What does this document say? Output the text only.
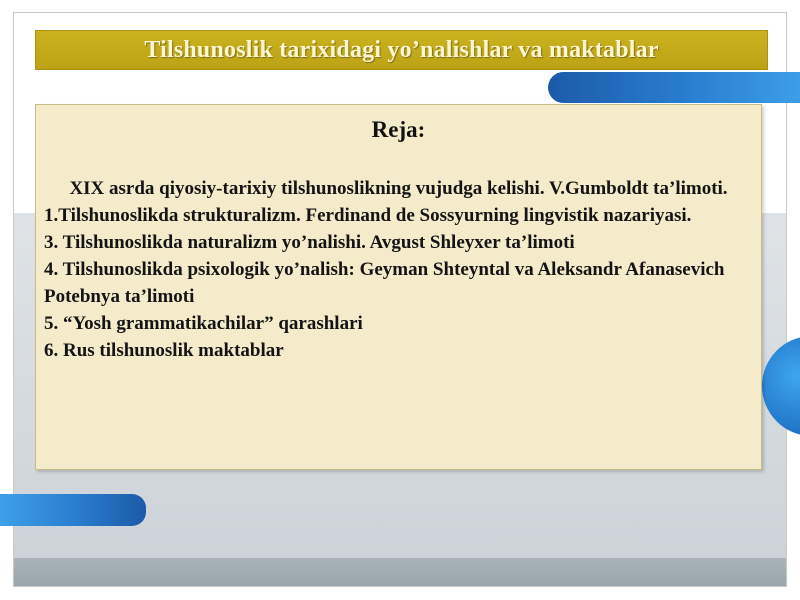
Tilshunoslik tarixidagi yo’nalishlar va maktablar
Reja:
XIX asrda qiyosiy-tarixiy tilshunoslikning vujudga kelishi. V.Gumboldt ta’limoti.
1.Tilshunoslikda strukturalizm. Ferdinand de Sossyurning lingvistik nazariyasi.
3. Tilshunoslikda naturalizm yo’nalishi. Avgust Shleyxer ta’limoti
4. Tilshunoslikda psixologik yo’nalish: Geyman Shteyntal va Aleksandr Afanasevich Potebnya ta’limoti
5. “Yosh grammatikachilar” qarashlari
6. Rus tilshunoslik maktablar
